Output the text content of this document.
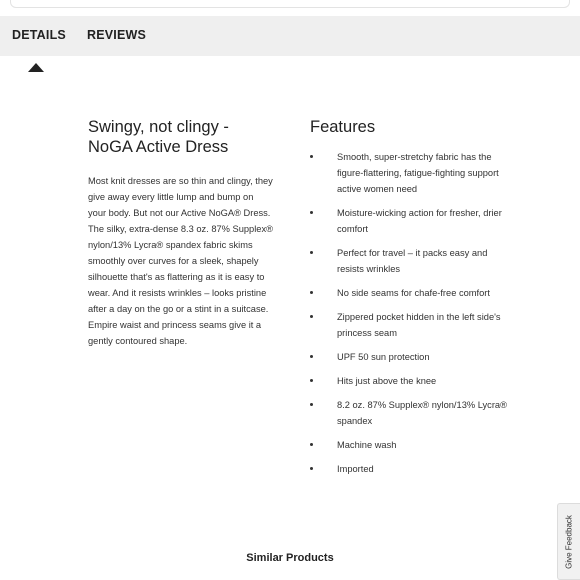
DETAILS REVIEWS
Swingy, not clingy - NoGA Active Dress

Most knit dresses are so thin and clingy, they give away every little lump and bump on your body. But not our Active NoGA® Dress. The silky, extra-dense 8.3 oz. 87% Supplex® nylon/13% Lycra® spandex fabric skims smoothly over curves for a sleek, shapely silhouette that's as flattering as it is easy to wear. And it resists wrinkles – looks pristine after a day on the go or a stint in a suitcase. Empire waist and princess seams give it a gently contoured shape.

Features
Smooth, super-stretchy fabric has the figure-flattering, fatigue-fighting support active women need
Moisture-wicking action for fresher, drier comfort
Perfect for travel – it packs easy and resists wrinkles
No side seams for chafe-free comfort
Zippered pocket hidden in the left side's princess seam
UPF 50 sun protection
Hits just above the knee
8.2 oz. 87% Supplex® nylon/13% Lycra® spandex
Machine wash
Imported
Similar Products	Give Feedback
